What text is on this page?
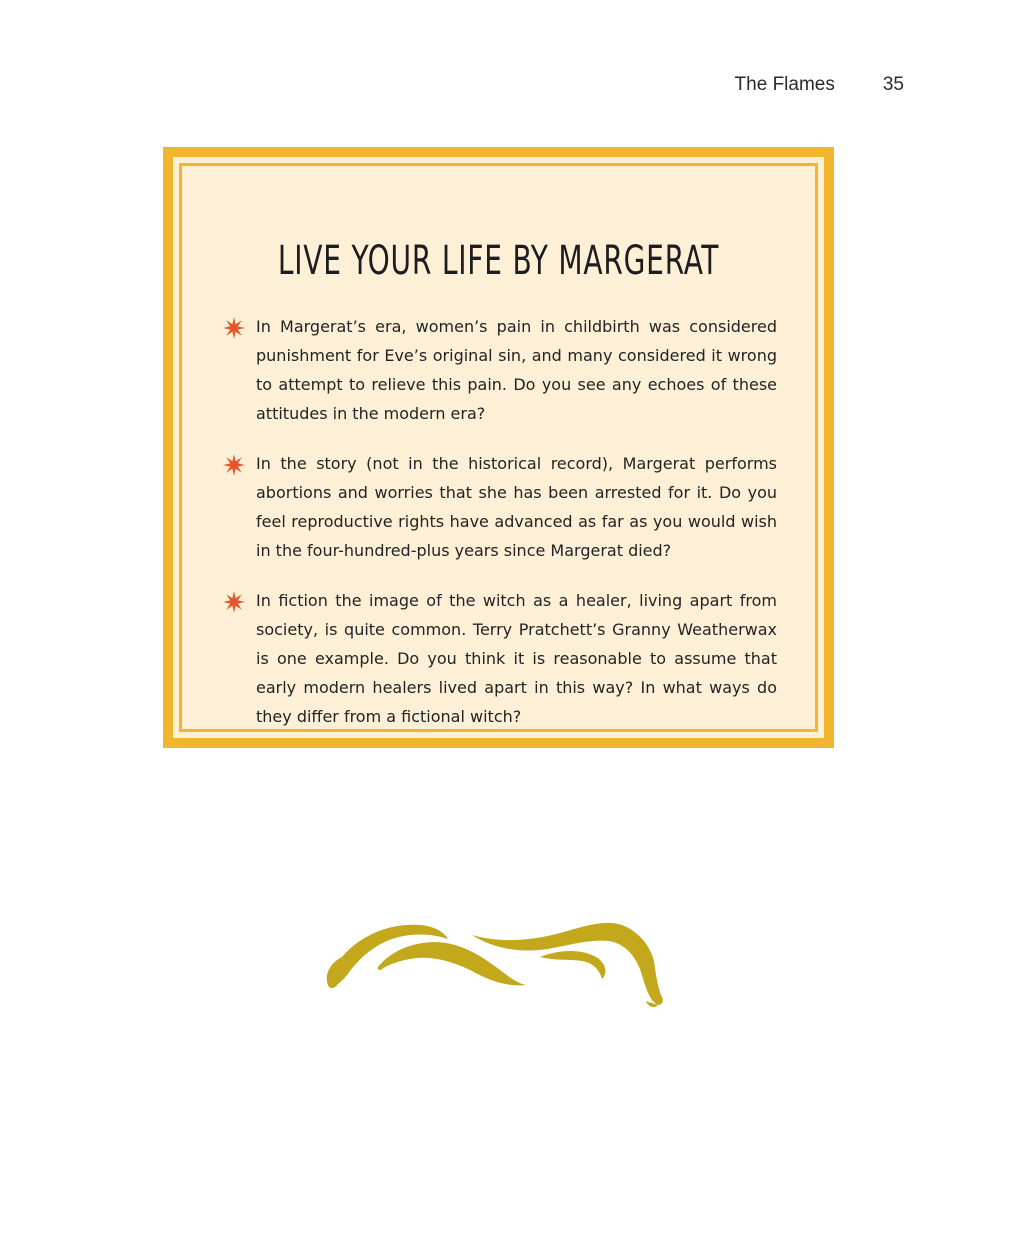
The Flames	35
LIVE YOUR LIFE BY MARGERAT
In Margerat’s era, women’s pain in childbirth was considered punishment for Eve’s original sin, and many considered it wrong to attempt to relieve this pain. Do you see any echoes of these attitudes in the modern era?
In the story (not in the historical record), Margerat performs abortions and worries that she has been arrested for it. Do you feel reproductive rights have advanced as far as you would wish in the four-hundred-plus years since Margerat died?
In fiction the image of the witch as a healer, living apart from society, is quite common. Terry Pratchett’s Granny Weatherwax is one example. Do you think it is reasonable to assume that early modern healers lived apart in this way? In what ways do they differ from a fictional witch?
